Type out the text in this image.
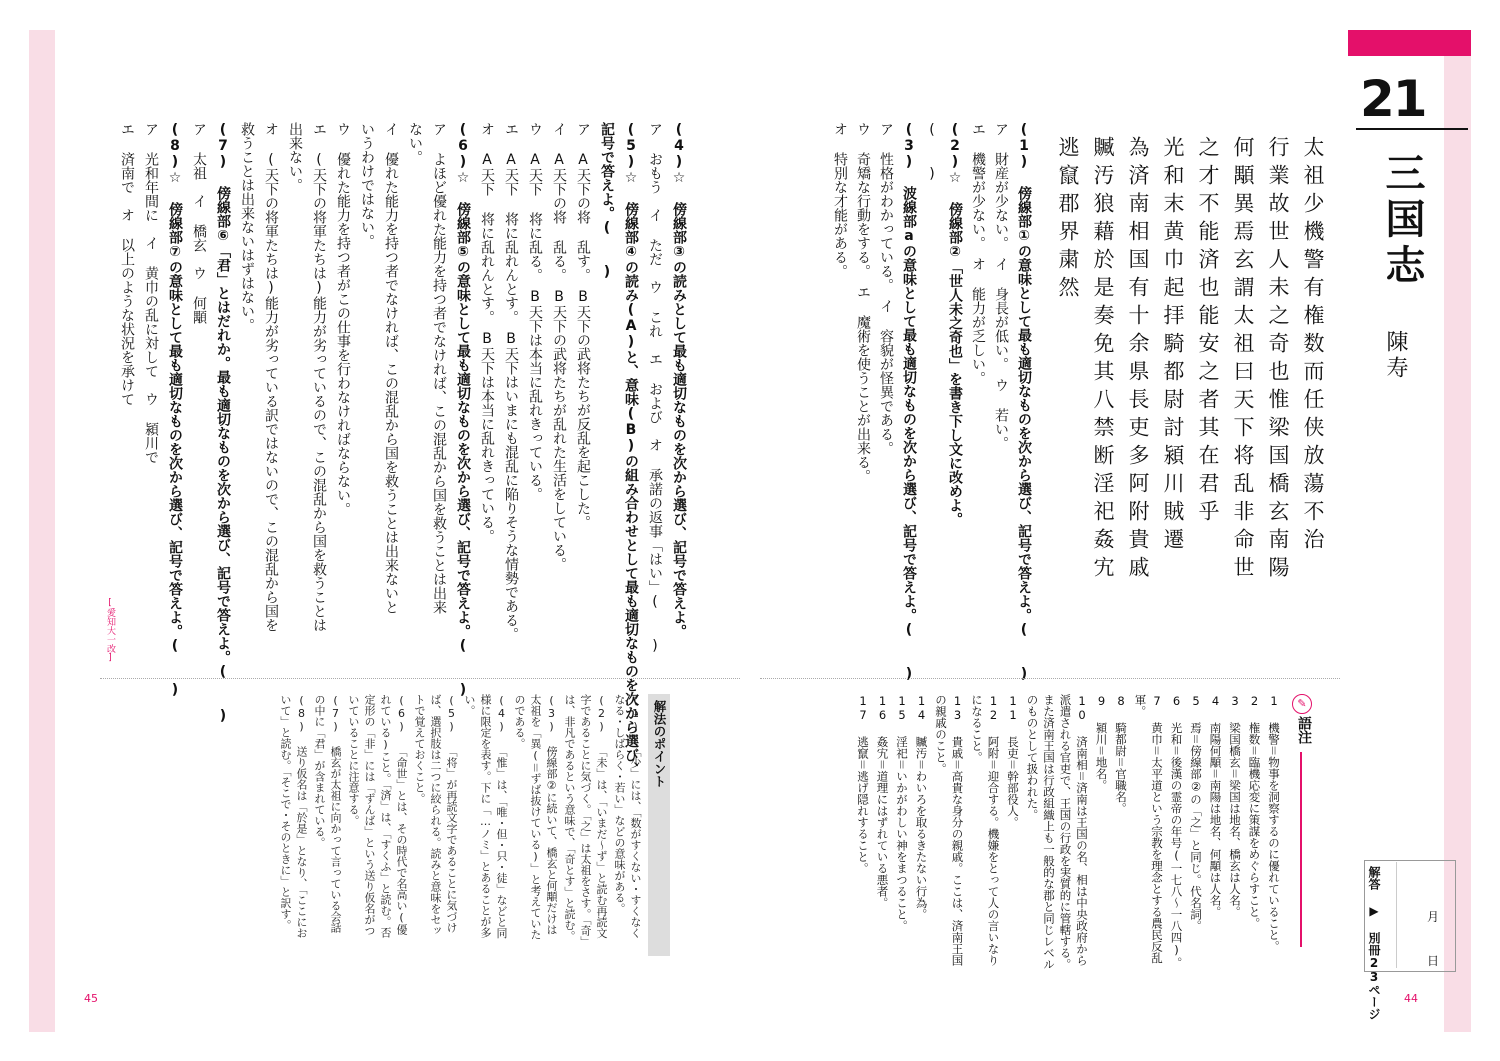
21
三国志
陳寿
太祖少機警有権数而任侠放蕩不治
行業故世人未之奇也惟梁国橋玄南陽
何顒異焉玄謂太祖曰天下将乱非命世
之才不能済也能安之者其在君乎
光和末黄巾起拝騎都尉討潁川賊遷
為済南相国有十余県長吏多阿附貴戚
贓汚狼藉於是奏免其八禁断淫祀姦宄
逃竄郡界粛然
(1) 傍線部①の意味として最も適切なものを次から選び、記号で答えよ。(　　)
ア 財産が少ない。　イ 身長が低い。　ウ 若い。
エ 機警が少ない。　オ 能力が乏しい。
(2)☆ 傍線部②「世人未之奇也」を書き下し文に改めよ。
(　　)
(3) 波線部aの意味として最も適切なものを次から選び、記号で答えよ。(　　)
ア 性格がわかっている。　イ 容貌が怪異である。
ウ 奇矯な行動をする。　エ 魔術を使うことが出来る。
オ 特別な才能がある。
(4)☆ 傍線部③の読みとして最も適切なものを次から選び、記号で答えよ。
ア おもう　イ ただ　ウ これ　エ および　オ 承諾の返事「はい」(　　)
(5)☆ 傍線部④の読み(A)と、意味(B)の組み合わせとして最も適切なものを次から選び、
記号で答えよ。(　　)
ア A天下の将 乱す。　B天下の武将たちが反乱を起こした。
イ A天下の将 乱る。　B天下の武将たちが乱れた生活をしている。
ウ A天下 将に乱る。　B天下は本当に乱れきっている。
エ A天下 将に乱れんとす。　B天下はいまにも混乱に陥りそうな情勢である。
オ A天下 将に乱れんとす。　B天下は本当に乱れきっている。
(6)☆ 傍線部⑤の意味として最も適切なものを次から選び、記号で答えよ。(　　)
ア よほど優れた能力を持つ者でなければ、この混乱から国を救うことは出来
ない。
イ 優れた能力を持つ者でなければ、この混乱から国を救うことは出来ないと
いうわけではない。
ウ 優れた能力を持つ者がこの仕事を行わなければならない。
エ (天下の将軍たちは)能力が劣っているので、この混乱から国を救うことは
出来ない。
オ (天下の将軍たちは)能力が劣っている訳ではないので、この混乱から国を
救うことは出来ないはずはない。
(7) 傍線部⑥「君」とはだれか。最も適切なものを次から選び、記号で答えよ。(　　)
ア 太祖　イ 橋玄　ウ 何顒
(8)☆ 傍線部⑦の意味として最も適切なものを次から選び、記号で答えよ。(　　)
ア 光和年間に　イ 黄巾の乱に対して　ウ 潁川で
エ 済南で　オ 以上のような状況を承けて
[愛知大一改]
✎
語注
1 機警＝物事を洞察するのに優れていること。
2 権数＝臨機応変に策謀をめぐらすこと。
3 梁国橋玄＝梁国は地名、橋玄は人名。
4 南陽何顒＝南陽は地名、何顒は人名。
5 焉＝傍線部②の「之」と同じ。代名詞。
6 光和＝後漢の霊帝の年号(一七八〜一八四)。
7 黄巾＝太平道という宗教を理念とする農民反乱軍。
8 騎都尉＝官職名。
9 潁川＝地名。
10 済南相＝済南は王国の名、相は中央政府から派遣される官吏で、王国の行政を実質的に管轄する。また済南王国は行政組織上も一般的な郡と同じレベルのものとして扱われた。
11 長吏＝幹部役人。
12 阿附＝迎合する。機嫌をとって人の言いなりになること。
13 貴戚＝高貴な身分の親戚。ここは、済南王国の親戚のこと。
14 贓汚＝わいろを取るきたない行為。
15 淫祀＝いかがわしい神をまつること。
16 姦宄＝道理にはずれている悪者。
17 逃竄＝逃げ隠れすること。
解答 ▶ 別冊23ページ	月
日
解法のポイント
(1) 「少」には、「数がすくない・すくなくなる・しばらく・若い」などの意味がある。
(2) 「未」は、「いまだ〜ず」と読む再読文字であることに気づく。「之」は太祖をさす。「奇」は、非凡であるという意味で、「奇とす」と読む。
(3) 傍線部②に続いて、橋玄と何顒だけは太祖を「異(＝ずば抜けている)」と考えていたのである。
(4) 「惟」は、「唯・但・只・徒」などと同様に限定を表す。下に「…ノミ」とあることが多い。
(5) 「将」が再読文字であることに気づけば、選択肢は二つに絞られる。読みと意味をセットで覚えておくこと。
(6) 「命世」とは、その時代で名高い(優れている)こと。「済」は、「すくふ」と読む。否定形の「非」には「ずんば」という送り仮名がついていることに注意する。
(7) 橋玄が太祖に向かって言っている会話の中に「君」が含まれている。
(8) 送り仮名は「於是」となり、「ここにおいて」と読む。「そこで・そのときに」と訳す。
45	44
